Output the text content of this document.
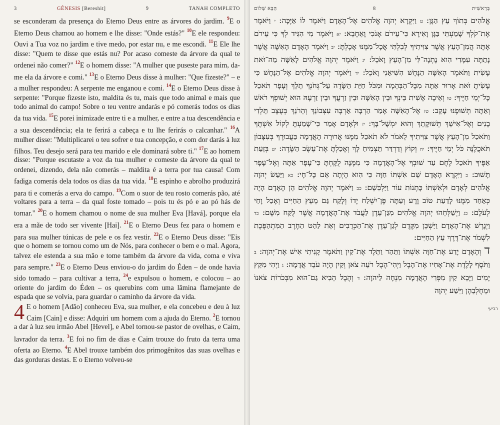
3	GÊNESIS [Bereshit]	9	TANAH COMPLETO

se esconderam da presença do Eterno Deus entre as árvores do jardim. $^9$E o Eterno Deus chamou ao homem e lhe disse: "Onde estás?" $^{10}$E ele respondeu: Ouvi a Tua voz no jardim e tive medo, por estar nu, e me escondi. $^{11}$E Ele lhe disse: "Quem te disse que estás nu? Por acaso comeste da árvore da qual te ordenei não comer?" $^{12}$E o homem disse: "A mulher que puseste para mim, da-me ela da árvore e comi." $^{13}$E o Eterno Deus disse à mulher: "Que fizeste?" – e a mulher respondeu: A serpente me enganou e comi. $^{14}$E o Eterno Deus disse à serpente: "Porque fizeste isto, maldita és tu, mais que todo animal e mais que todo animal do campo! Sobre o teu ventre andarás e pó comerás todos os dias da tua vida. $^{15}$E porei inimizade entre ti e a mulher, e entre a tua descendência e a sua descendência; ela te ferirá a cabeça e tu lhe ferirás o calcanhar." $^{16}$A mulher disse: "Multiplicarei o teu sofrer e tua concepção, e com dor darás à luz filhos. Teu desejo será para teu marido e ele dominará sobre ti." $^{17}$E ao homem disse: "Porque escutaste a voz da tua mulher e comeste da árvore da qual te ordenei, dizendo, dela não comerás – maldita é a terra por tua causa! Com fadiga comerás dela todos os dias da tua vida. $^{18}$E espinho e abrolho produzirá para ti e comerás a erva do campo. $^{19}$Com o suor de teu rosto comerás pão, até voltares para a terra – da qual foste tomado – pois tu és pó e ao pó hás de tornar." $^{20}$E o homem chamou o nome de sua mulher Eva [Havá], porque ela era a mãe de todo ser vivente [Hai]. $^{21}$E o Eterno Deus fez para o homem e para sua mulher túnicas de pele e os fez vestir. $^{22}$E o Eterno Deus disse: "Eis que o homem se tornou como um de Nós, para conhecer o bem e o mal. Agora, talvez ele estenda a sua mão e tome também da árvore da vida, coma e viva para sempre." $^{23}$E o Eterno Deus enviou-o do jardim do Éden – de onde havia sido tomado – para cultivar a terra, $^{24}$e expulsou o homem, e colocou – ao oriente do jardim do Éden – os querubins com uma lâmina flamejante de espada que se volvia, para guardar o caminho da árvore da vida.

4 E o homem [Adão] conheceu Eva, sua mulher, e ela concebeu e deu à luz Caim [Cain] e disse: Adquiri um homem com a ajuda do Eterno. $^2$E tornou a dar à luz seu irmão Abel [Hevel], e Abel tornou-se pastor de ovelhas, e Caim, lavrador da terra. $^3$E foi no fim de dias e Caim trouxe do fruto da terra uma oferta ao Eterno. $^4$E Abel trouxe também dos primogênitos das suas ovelhas e das gorduras destas. E o Eterno volveu-se

הַבָּא שָׁלוֹם	8	בְּרֵאשִׁית

אֱלֹהִים בְּתוֹךְ עֵץ הַגָּן: ט וַיִּקְרָא יְהוָה אֱלֹהִים אֶל־הָאָדָם וַיֹּאמֶר לוֹ אַיֶּכָּה: י וַיֹּאמֶר אֶת־קֹלְךָ שָׁמַעְתִּי בַּגָּן וָאִירָא כִּי־עֵירֹם אָנֹכִי וָאֵחָבֵא: יא וַיֹּאמֶר מִי הִגִּיד לְךָ כִּי עֵירֹם אָתָּה הֲמִן־הָעֵץ אֲשֶׁר צִוִּיתִיךָ לְבִלְתִּי אֲכָל־מִמֶּנּוּ אָכָלְתָּ: יב וַיֹּאמֶר הָאָדָם הָאִשָּׁה אֲשֶׁר נָתַתָּה עִמָּדִי הִוא נָתְנָה־לִּי מִן־הָעֵץ וָאֹכֵל: יג וַיֹּאמֶר יְהוָה אֱלֹהִים לָאִשָּׁה מַה־זֹּאת עָשִׂית וַתֹּאמֶר הָאִשָּׁה הַנָּחָשׁ הִשִּׁיאַנִי וָאֹכֵל: יד וַיֹּאמֶר יְהוָה אֱלֹהִים אֶל־הַנָּחָשׁ כִּי עָשִׂיתָ זֹּאת אָרוּר אַתָּה מִכָּל־הַבְּהֵמָה וּמִכֹּל חַיַּת הַשָּׂדֶה עַל־גְּחֹנְךָ תֵלֵךְ וְעָפָר תֹּאכַל כָּל־יְמֵי חַיֶּיךָ: טו וְאֵיבָה אָשִׁית בֵּינְךָ וּבֵין הָאִשָּׁה וּבֵין זַרְעֲךָ וּבֵין זַרְעָהּ הוּא יְשׁוּפְךָ רֹאשׁ וְאַתָּה תְּשׁוּפֶנּוּ עָקֵב: טז אֶל־הָאִשָּׁה אָמַר הַרְבָּה אַרְבֶּה עִצְּבוֹנֵךְ וְהֵרֹנֵךְ בְּעֶצֶב תֵּלְדִי בָנִים וְאֶל־אִישֵׁךְ תְּשׁוּקָתֵךְ וְהוּא יִמְשָׁל־בָּךְ: יז וּלְאָדָם אָמַר כִּי־שָׁמַעְתָּ לְקוֹל אִשְׁתֶּךָ וַתֹּאכַל מִן־הָעֵץ אֲשֶׁר צִוִּיתִיךָ לֵאמֹר לֹא תֹאכַל מִמֶּנּוּ אֲרוּרָה הָאֲדָמָה בַּעֲבוּרֶךָ בְּעִצָּבוֹן תֹּאכֲלֶנָּה כֹּל יְמֵי חַיֶּיךָ: יח וְקוֹץ וְדַרְדַּר תַּצְמִיחַ לָךְ וְאָכַלְתָּ אֶת־עֵשֶׂב הַשָּׂדֶה: יט בְּזֵעַת אַפֶּיךָ תֹּאכַל לֶחֶם עַד שׁוּבְךָ אֶל־הָאֲדָמָה כִּי מִמֶּנָּה לֻקָּחְתָּ כִּי־עָפָר אַתָּה וְאֶל־עָפָר תָּשׁוּב: כ וַיִּקְרָא הָאָדָם שֵׁם אִשְׁתּוֹ חַוָּה כִּי הִוא הָיְתָה אֵם כָּל־חָי: כא וַיַּעַשׂ יְהוָה אֱלֹהִים לְאָדָם וּלְאִשְׁתּוֹ כָּתְנוֹת עוֹר וַיַּלְבִּשֵׁם: כב וַיֹּאמֶר יְהוָה אֱלֹהִים הֵן הָאָדָם הָיָה כְּאַחַד מִמֶּנּוּ לָדַעַת טוֹב וָרָע וְעַתָּה פֶּן־יִשְׁלַח יָדוֹ וְלָקַח גַּם מֵעֵץ הַחַיִּים וְאָכַל וָחַי לְעֹלָם: כג וַיְשַׁלְּחֵהוּ יְהוָה אֱלֹהִים מִגַּן־עֵדֶן לַעֲבֹד אֶת־הָאֲדָמָה אֲשֶׁר לֻקַּח מִשָּׁם: כד וַיְגָרֶשׁ אֶת־הָאָדָם וַיַּשְׁכֵּן מִקֶּדֶם לְגַן־עֵדֶן אֶת־הַכְּרֻבִים וְאֵת לַהַט הַחֶרֶב הַמִּתְהַפֶּכֶת לִשְׁמֹר אֶת־דֶּרֶךְ עֵץ הַחַיִּים:

ד וְהָאָדָם יָדַע אֶת־חַוָּה אִשְׁתּוֹ וַתַּהַר וַתֵּלֶד אֶת־קַיִן וַתֹּאמֶר קָנִיתִי אִישׁ אֶת־יְהוָה: ב וַתֹּסֶף לָלֶדֶת אֶת־אָחִיו אֶת־הָבֶל וַיְהִי־הֶבֶל רֹעֵה צֹאן וְקַיִן הָיָה עֹבֵד אֲדָמָה: ג וַיְהִי מִקֵּץ יָמִים וַיָּבֵא קַיִן מִפְּרִי הָאֲדָמָה מִנְחָה לַיהוָה: ד וְהֶבֶל הֵבִיא גַם־הוּא מִבְּכֹרוֹת צֹאנוֹ וּמֵחֶלְבֵהֶן וַיִּשַׁע יְהוָה

רביעי
